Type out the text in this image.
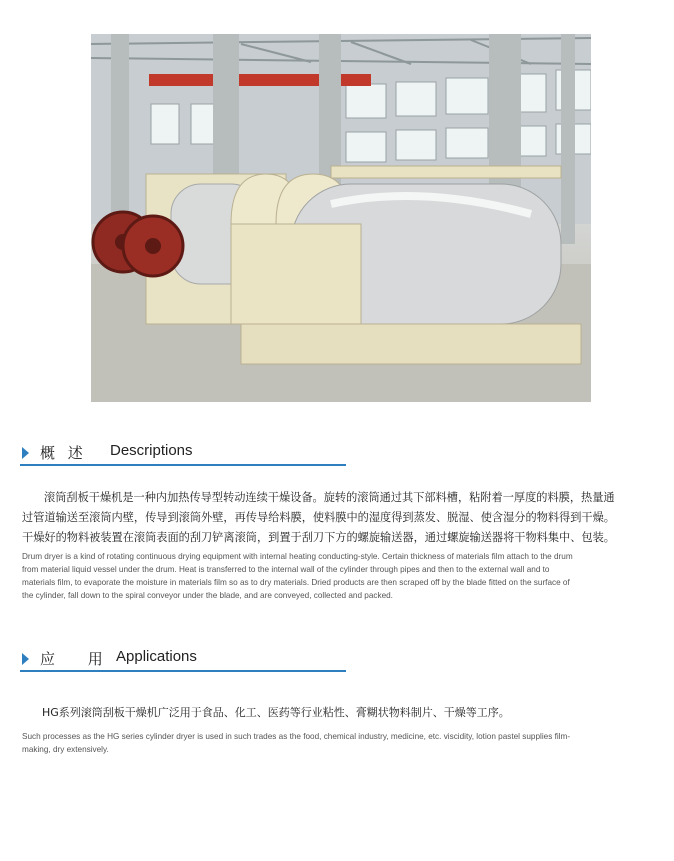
概 述 Descriptions
滚筒刮板干燥机是一种内加热传导型转动连续干燥设备。旋转的滚筒通过其下部料槽，粘附着一厚度的料膜，热量通
过管道输送至滚筒内壁，传导到滚筒外壁，再传导给料膜，使料膜中的湿度得到蒸发、脱湿、使含湿分的物料得到干燥。
干燥好的物料被装置在滚筒表面的刮刀铲离滚筒，到置于刮刀下方的螺旋输送器，通过螺旋输送器将干物料集中、包装。
Drum dryer is a kind of rotating continuous drying equipment with internal heating conducting-style. Certain thickness of materials film attach to the drum
from material liquid vessel under the drum. Heat is transferred to the internal wall of the cylinder through pipes and then to the external wall and to
materials film, to evaporate the moisture in materials film so as to dry materials. Dried products are then scraped off by the blade fitted on the surface of
the cylinder, fall down to the spiral conveyor under the blade, and are conveyed, collected and packed.
应 用 Applications
HG系列滚筒刮板干燥机广泛用于食品、化工、医药等行业粘性、膏糊状物料制片、干燥等工序。
Such processes as the HG series cylinder dryer is used in such trades as the food, chemical industry, medicine, etc. viscidity, lotion pastel supplies film-
making, dry extensively.
